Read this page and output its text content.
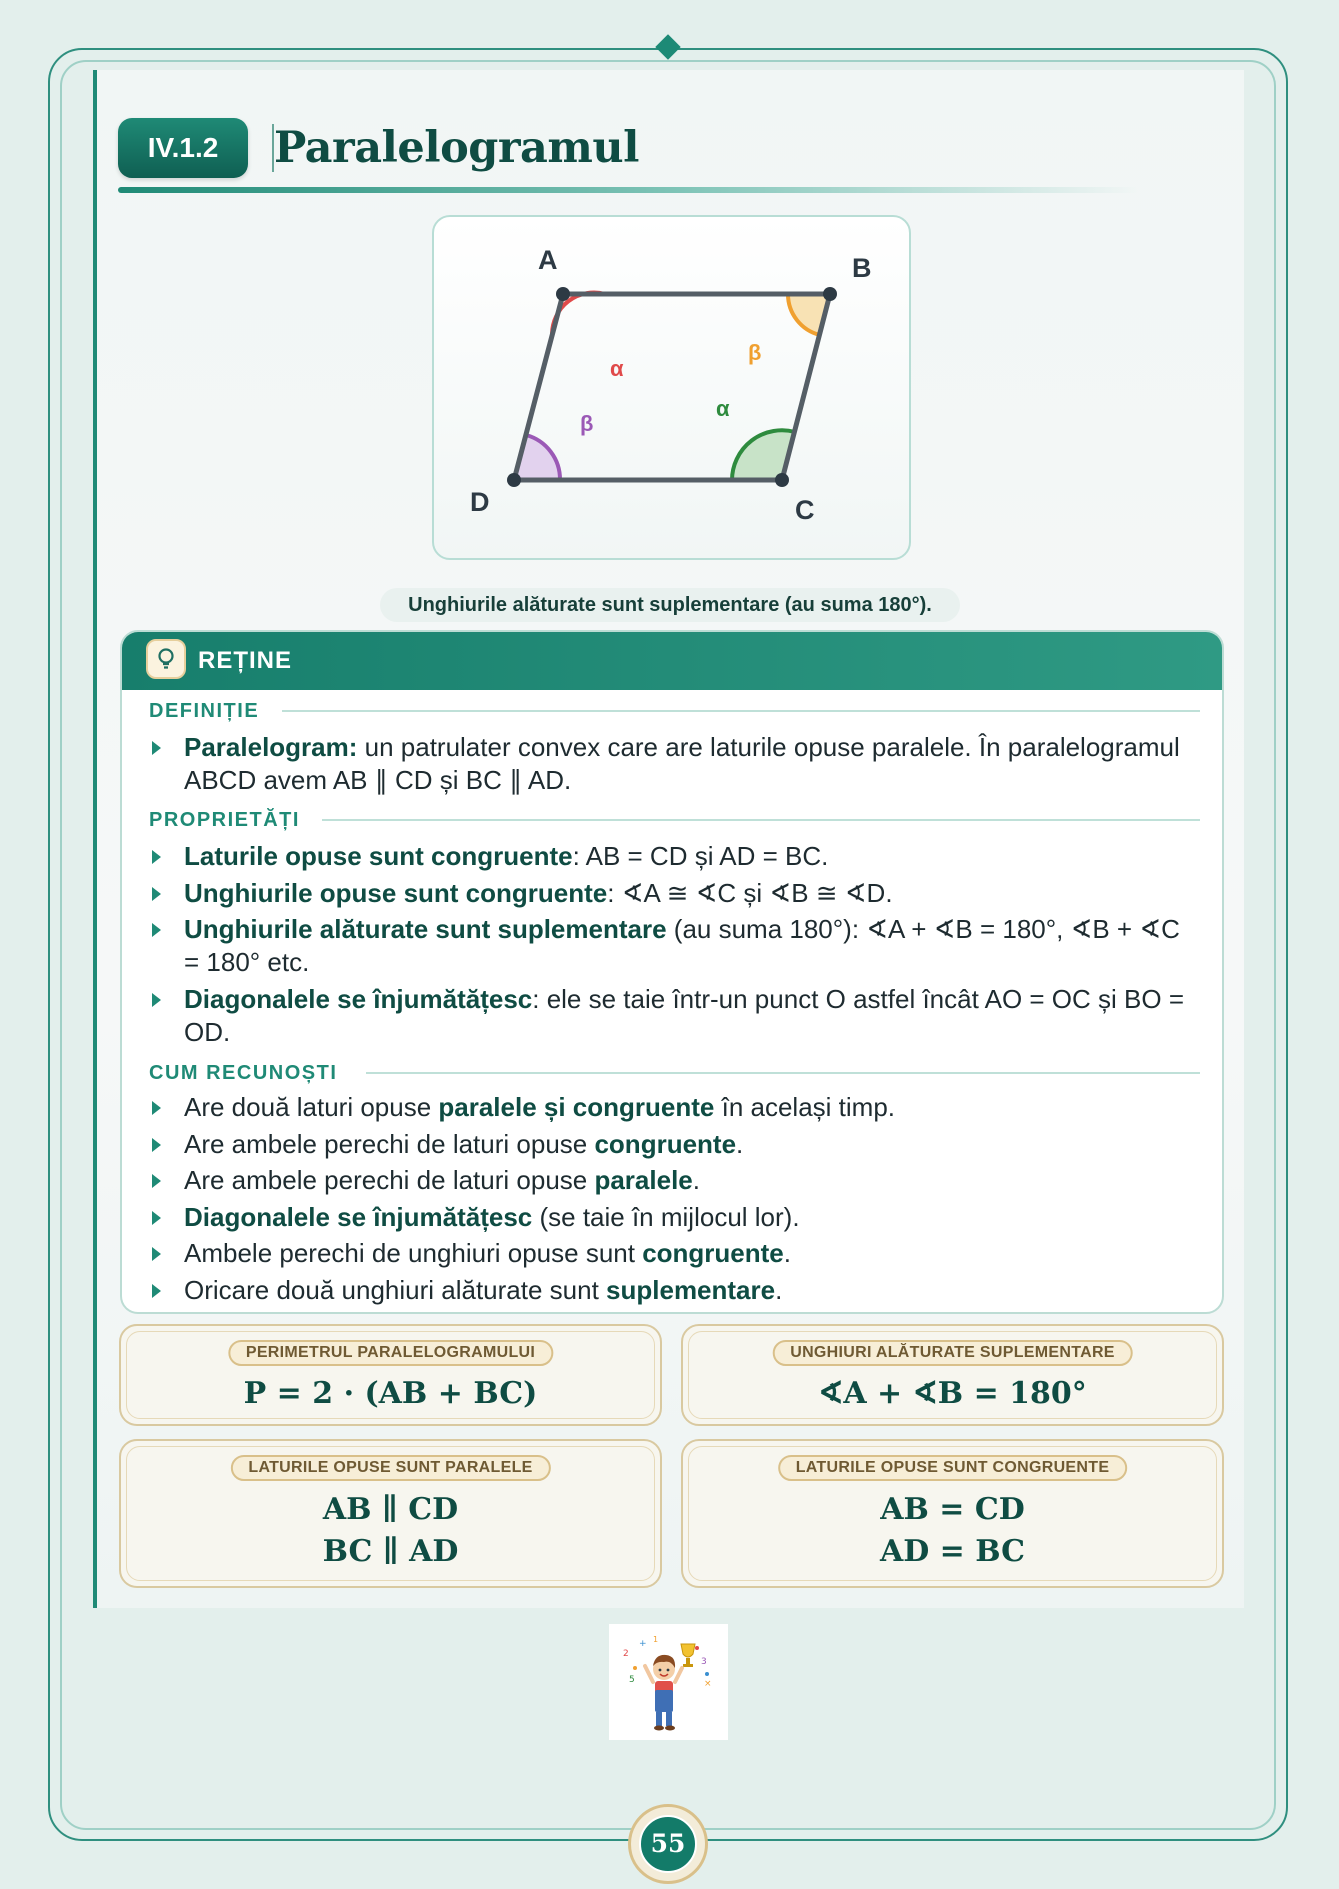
IV.1.2	Paralelogramul
A	B
C
D
α
β
α
β
Unghiurile alăturate sunt suplementare (au suma 180°).
REȚINE
DEFINIȚIE
Paralelogram: un patrulater convex care are laturile opuse paralele. În paralelogramul ABCD avem AB ∥ CD și BC ∥ AD.
PROPRIETĂȚI
Laturile opuse sunt congruente: AB = CD și AD = BC.
Unghiurile opuse sunt congruente: ∢A ≅ ∢C și ∢B ≅ ∢D.
Unghiurile alăturate sunt suplementare (au suma 180°): ∢A + ∢B = 180°, ∢B + ∢C = 180° etc.
Diagonalele se înjumătățesc: ele se taie într-un punct O astfel încât AO = OC și BO = OD.
CUM RECUNOȘTI
Are două laturi opuse paralele și congruente în același timp.
Are ambele perechi de laturi opuse congruente.
Are ambele perechi de laturi opuse paralele.
Diagonalele se înjumătățesc (se taie în mijlocul lor).
Ambele perechi de unghiuri opuse sunt congruente.
Oricare două unghiuri alăturate sunt suplementare.
PERIMETRUL PARALELOGRAMULUI
P = 2 · (AB + BC)
UNGHIURI ALĂTURATE SUPLEMENTARE
∢A + ∢B = 180°
LATURILE OPUSE SUNT PARALELE
AB ∥ CD
BC ∥ AD
LATURILE OPUSE SUNT CONGRUENTE
AB = CD
AD = BC
2
+
3
5	×
1
55
